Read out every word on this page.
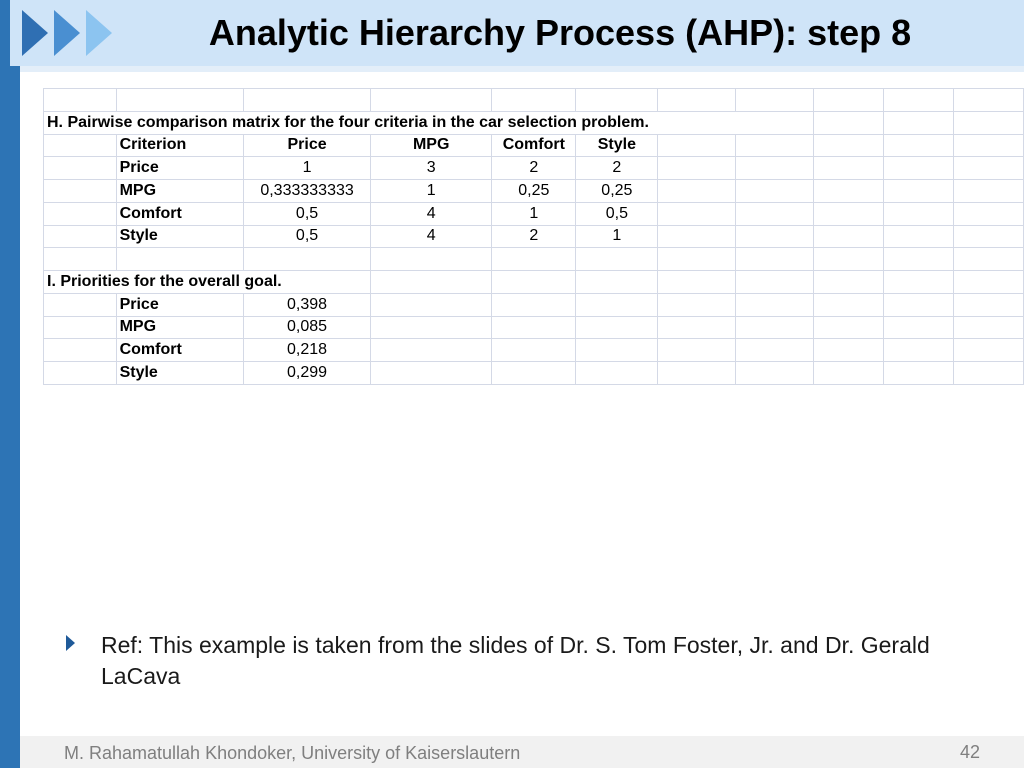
Analytic Hierarchy Process (AHP): step 8

H. Pairwise comparison matrix for the four criteria in the car selection problem.										
	Criterion	Price	MPG	Comfort	Style					
	Price	1	3	2	2					
	MPG	0,333333333	1	0,25	0,25					
	Comfort	0,5	4	1	0,5					
	Style	0,5	4	2	1					

I. Priorities for the overall goal.										
	Price	0,398								
	MPG	0,085								
	Comfort	0,218								
	Style	0,299								
Ref: This example is taken from the slides of Dr. S. Tom Foster, Jr. and Dr. Gerald LaCava
M. Rahamatullah Khondoker, University of Kaiserslautern	42
